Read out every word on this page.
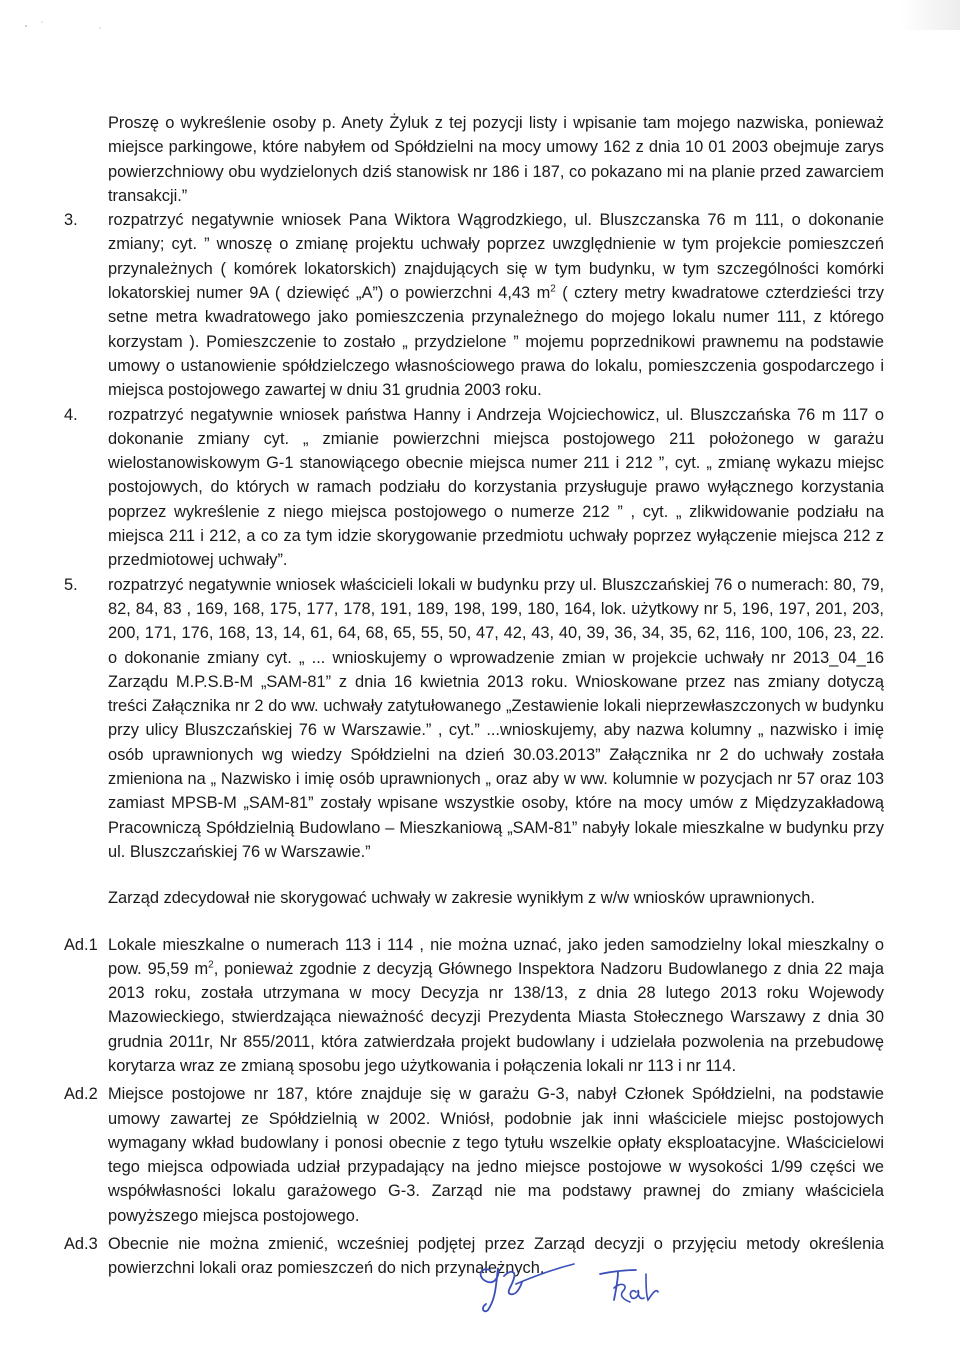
Proszę o wykreślenie osoby p. Anety Żyluk z tej pozycji listy i wpisanie tam mojego nazwiska, ponieważ miejsce parkingowe, które nabyłem od Spółdzielni na mocy umowy 162 z dnia 10 01 2003 obejmuje zarys powierzchniowy obu wydzielonych dziś stanowisk nr 186 i 187, co pokazano mi na planie przed zawarciem transakcji.”
3.	rozpatrzyć negatywnie wniosek Pana Wiktora Wągrodzkiego, ul. Bluszczanska 76 m 111, o dokonanie zmiany; cyt. ” wnoszę o zmianę projektu uchwały poprzez uwzględnienie w tym projekcie pomieszczeń przynależnych ( komórek lokatorskich) znajdujących się w tym budynku, w tym szczególności komórki lokatorskiej numer 9A ( dziewięć „A”) o powierzchni 4,43 $m^2$ ( cztery metry kwadratowe czterdzieści trzy setne metra kwadratowego jako pomieszczenia przynależnego do mojego lokalu numer 111, z którego korzystam ). Pomieszczenie to zostało „ przydzielone ” mojemu poprzednikowi prawnemu na podstawie umowy o ustanowienie spółdzielczego własnościowego prawa do lokalu, pomieszczenia gospodarczego i miejsca postojowego zawartej w dniu 31 grudnia 2003 roku.
4.	rozpatrzyć negatywnie wniosek państwa Hanny i Andrzeja Wojciechowicz, ul. Bluszczańska 76 m 117 o dokonanie zmiany cyt. „ zmianie powierzchni miejsca postojowego 211 położonego w garażu wielostanowiskowym G-1 stanowiącego obecnie miejsca numer 211 i 212 ”, cyt. „ zmianę wykazu miejsc postojowych, do których w ramach podziału do korzystania przysługuje prawo wyłącznego korzystania poprzez wykreślenie z niego miejsca postojowego o numerze 212 ” , cyt. „ zlikwidowanie podziału na miejsca 211 i 212, a co za tym idzie skorygowanie przedmiotu uchwały poprzez wyłączenie miejsca 212 z przedmiotowej uchwały”.
5.	rozpatrzyć negatywnie wniosek właścicieli lokali w budynku przy ul. Bluszczańskiej 76 o numerach: 80, 79, 82, 84, 83 , 169, 168, 175, 177, 178, 191, 189, 198, 199, 180, 164, lok. użytkowy nr 5, 196, 197, 201, 203, 200, 171, 176, 168, 13, 14, 61, 64, 68, 65, 55, 50, 47, 42, 43, 40, 39, 36, 34, 35, 62, 116, 100, 106, 23, 22. o dokonanie zmiany cyt. „ ... wnioskujemy o wprowadzenie zmian w projekcie uchwały nr 2013_04_16 Zarządu M.P.S.B-M „SAM-81” z dnia 16 kwietnia 2013 roku. Wnioskowane przez nas zmiany dotyczą treści Załącznika nr 2 do ww. uchwały zatytułowanego „Zestawienie lokali nieprzewłaszczonych w budynku przy ulicy Bluszczańskiej 76 w Warszawie.” , cyt.” ...wnioskujemy, aby nazwa kolumny „ nazwisko i imię osób uprawnionych wg wiedzy Spółdzielni na dzień 30.03.2013” Załącznika nr 2 do uchwały została zmieniona na „ Nazwisko i imię osób uprawnionych „ oraz aby w ww. kolumnie w pozycjach nr 57 oraz 103 zamiast MPSB-M „SAM-81” zostały wpisane wszystkie osoby, które na mocy umów z Międzyzakładową Pracowniczą Spółdzielnią Budowlano – Mieszkaniową „SAM-81” nabyły lokale mieszkalne w budynku przy ul. Bluszczańskiej 76 w Warszawie.”
Zarząd zdecydował nie skorygować uchwały w zakresie wynikłym z w/w wniosków uprawnionych.
Ad.1 Lokale mieszkalne o numerach 113 i 114 , nie można uznać, jako jeden samodzielny lokal mieszkalny o pow. 95,59 $m^2$, ponieważ zgodnie z decyzją Głównego Inspektora Nadzoru Budowlanego z dnia 22 maja 2013 roku, została utrzymana w mocy Decyzja nr 138/13, z dnia 28 lutego 2013 roku Wojewody Mazowieckiego, stwierdzająca nieważność decyzji Prezydenta Miasta Stołecznego Warszawy z dnia 30 grudnia 2011r, Nr 855/2011, która zatwierdzała projekt budowlany i udzielała pozwolenia na przebudowę korytarza wraz ze zmianą sposobu jego użytkowania i połączenia lokali nr 113 i nr 114.
Ad.2 Miejsce postojowe nr 187, które znajduje się w garażu G-3, nabył Członek Spółdzielni, na podstawie umowy zawartej ze Spółdzielnią w 2002. Wniósł, podobnie jak inni właściciele miejsc postojowych wymagany wkład budowlany i ponosi obecnie z tego tytułu wszelkie opłaty eksploatacyjne. Właścicielowi tego miejsca odpowiada udział przypadający na jedno miejsce postojowe w wysokości 1/99 części we współwłasności lokalu garażowego G-3. Zarząd nie ma podstawy prawnej do zmiany właściciela powyższego miejsca postojowego.
Ad.3 Obecnie nie można zmienić, wcześniej podjętej przez Zarząd decyzji o przyjęciu metody określenia powierzchni lokali oraz pomieszczeń do nich przynależnych.
